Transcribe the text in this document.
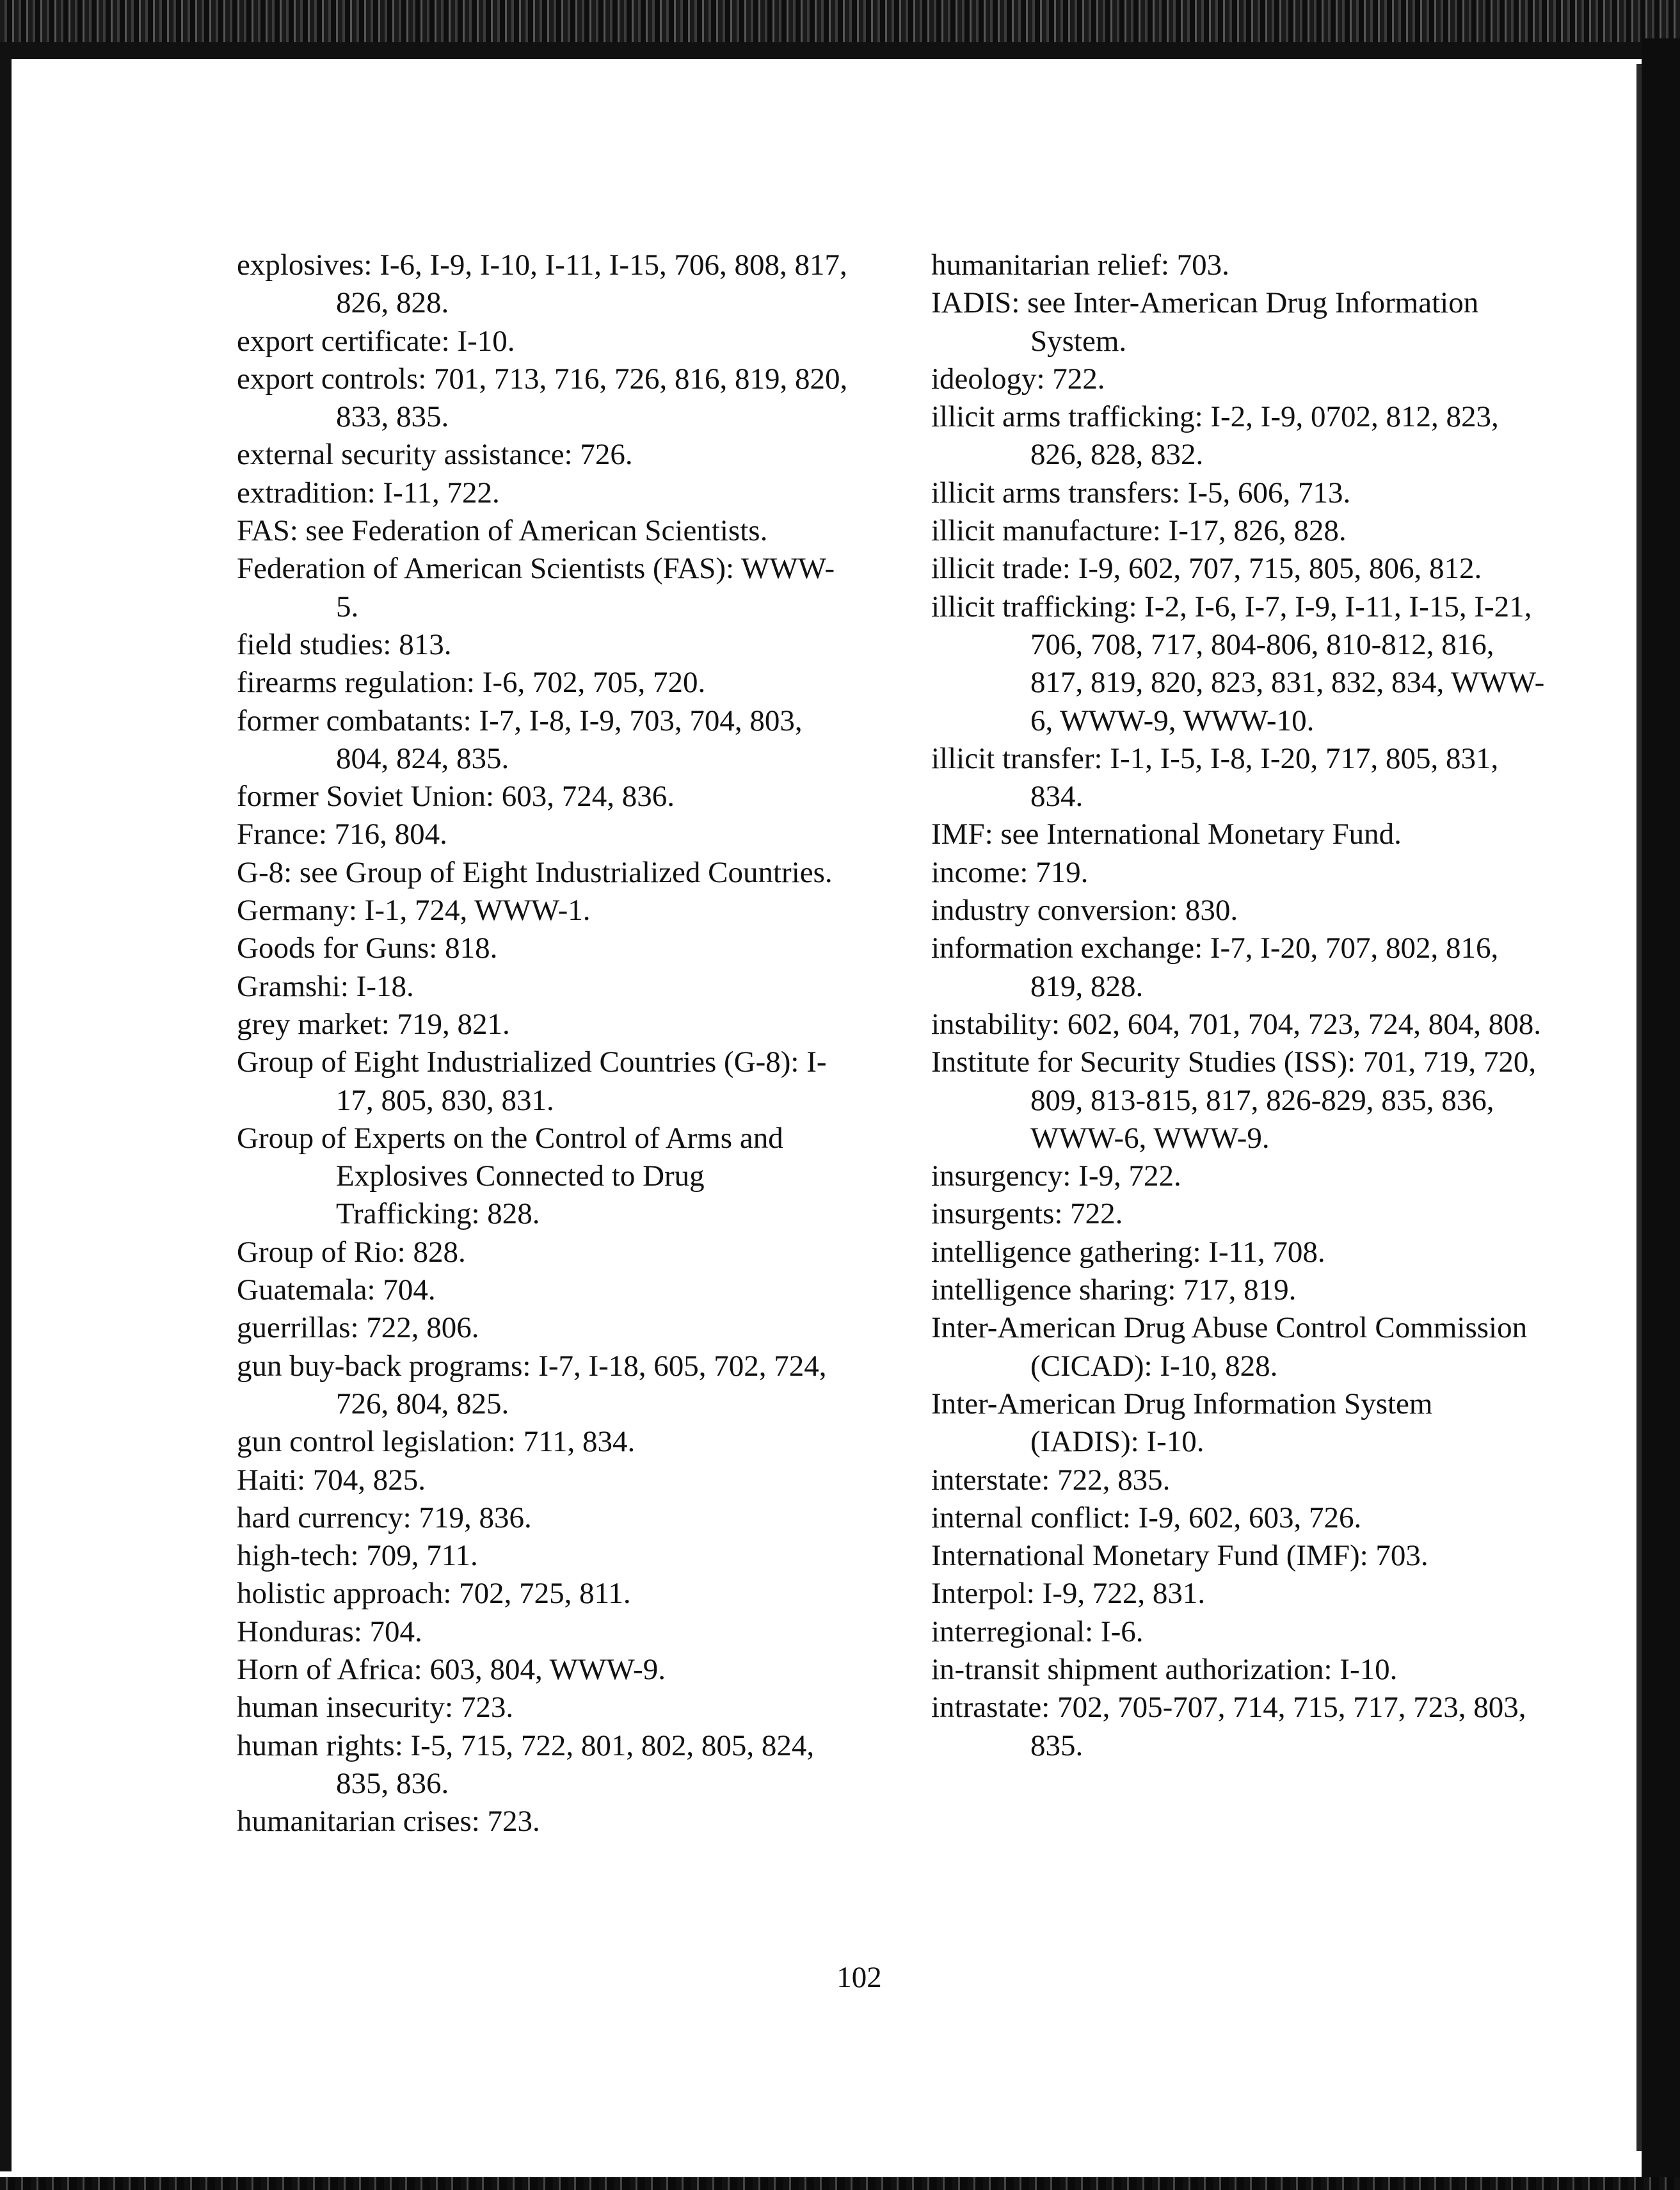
explosives: I-6, I-9, I-10, I-11, I-15, 706, 808, 817, 826, 828.

export certificate: I-10.

export controls: 701, 713, 716, 726, 816, 819, 820, 833, 835.

external security assistance: 726.

extradition: I-11, 722.

FAS: see Federation of American Scientists.

Federation of American Scientists (FAS): WWW-5.

field studies: 813.

firearms regulation: I-6, 702, 705, 720.

former combatants: I-7, I-8, I-9, 703, 704, 803, 804, 824, 835.

former Soviet Union: 603, 724, 836.

France: 716, 804.

G-8: see Group of Eight Industrialized Countries.

Germany: I-1, 724, WWW-1.

Goods for Guns: 818.

Gramshi: I-18.

grey market: 719, 821.

Group of Eight Industrialized Countries (G-8): I-17, 805, 830, 831.

Group of Experts on the Control of Arms and Explosives Connected to Drug Trafficking: 828.

Group of Rio: 828.

Guatemala: 704.

guerrillas: 722, 806.

gun buy-back programs: I-7, I-18, 605, 702, 724, 726, 804, 825.

gun control legislation: 711, 834.

Haiti: 704, 825.

hard currency: 719, 836.

high-tech: 709, 711.

holistic approach: 702, 725, 811.

Honduras: 704.

Horn of Africa: 603, 804, WWW-9.

human insecurity: 723.

human rights: I-5, 715, 722, 801, 802, 805, 824, 835, 836.

humanitarian crises: 723.

humanitarian relief: 703.

IADIS: see Inter-American Drug Information System.

ideology: 722.

illicit arms trafficking: I-2, I-9, 0702, 812, 823, 826, 828, 832.

illicit arms transfers: I-5, 606, 713.

illicit manufacture: I-17, 826, 828.

illicit trade: I-9, 602, 707, 715, 805, 806, 812.

illicit trafficking: I-2, I-6, I-7, I-9, I-11, I-15, I-21, 706, 708, 717, 804-806, 810-812, 816, 817, 819, 820, 823, 831, 832, 834, WWW-6, WWW-9, WWW-10.

illicit transfer: I-1, I-5, I-8, I-20, 717, 805, 831, 834.

IMF: see International Monetary Fund.

income: 719.

industry conversion: 830.

information exchange: I-7, I-20, 707, 802, 816, 819, 828.

instability: 602, 604, 701, 704, 723, 724, 804, 808.

Institute for Security Studies (ISS): 701, 719, 720, 809, 813-815, 817, 826-829, 835, 836, WWW-6, WWW-9.

insurgency: I-9, 722.

insurgents: 722.

intelligence gathering: I-11, 708.

intelligence sharing: 717, 819.

Inter-American Drug Abuse Control Commission (CICAD): I-10, 828.

Inter-American Drug Information System (IADIS): I-10.

interstate: 722, 835.

internal conflict: I-9, 602, 603, 726.

International Monetary Fund (IMF): 703.

Interpol: I-9, 722, 831.

interregional: I-6.

in-transit shipment authorization: I-10.

intrastate: 702, 705-707, 714, 715, 717, 723, 803, 835.

102
